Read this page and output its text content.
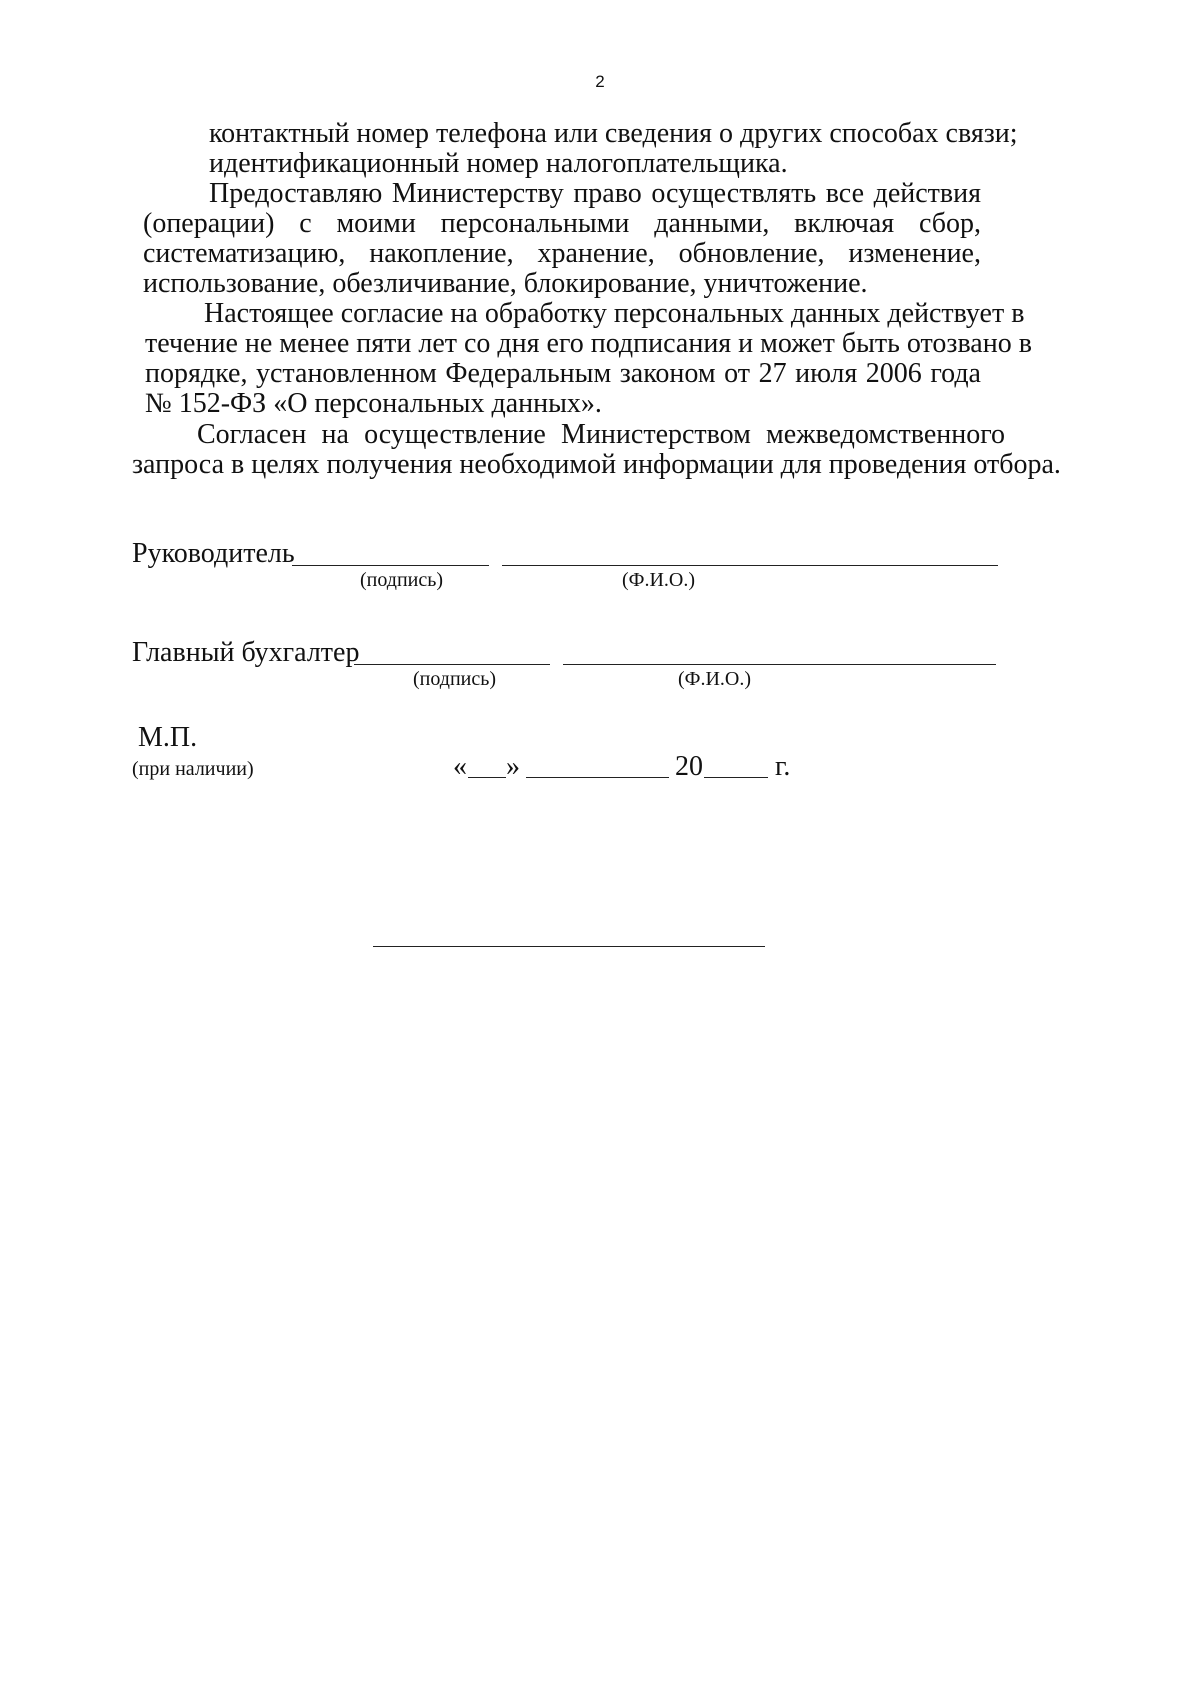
2
контактный номер телефона или сведения о других способах связи;
идентификационный номер налогоплательщика.
Предоставляю Министерству право осуществлять все действия
(операции) с моими персональными данными, включая сбор,
систематизацию, накопление, хранение, обновление, изменение,
использование, обезличивание, блокирование, уничтожение.
Настоящее согласие на обработку персональных данных действует в
течение не менее пяти лет со дня его подписания и может быть отозвано в
порядке, установленном Федеральным законом от 27 июля 2006 года
№ 152-ФЗ «О персональных данных».
Согласен на осуществление Министерством межведомственного
запроса в целях получения необходимой информации для проведения отбора.
Руководитель
(подпись)	(Ф.И.О.)
Главный бухгалтер
(подпись)	(Ф.И.О.)
М.П.
(при наличии)	« »	20	г.
